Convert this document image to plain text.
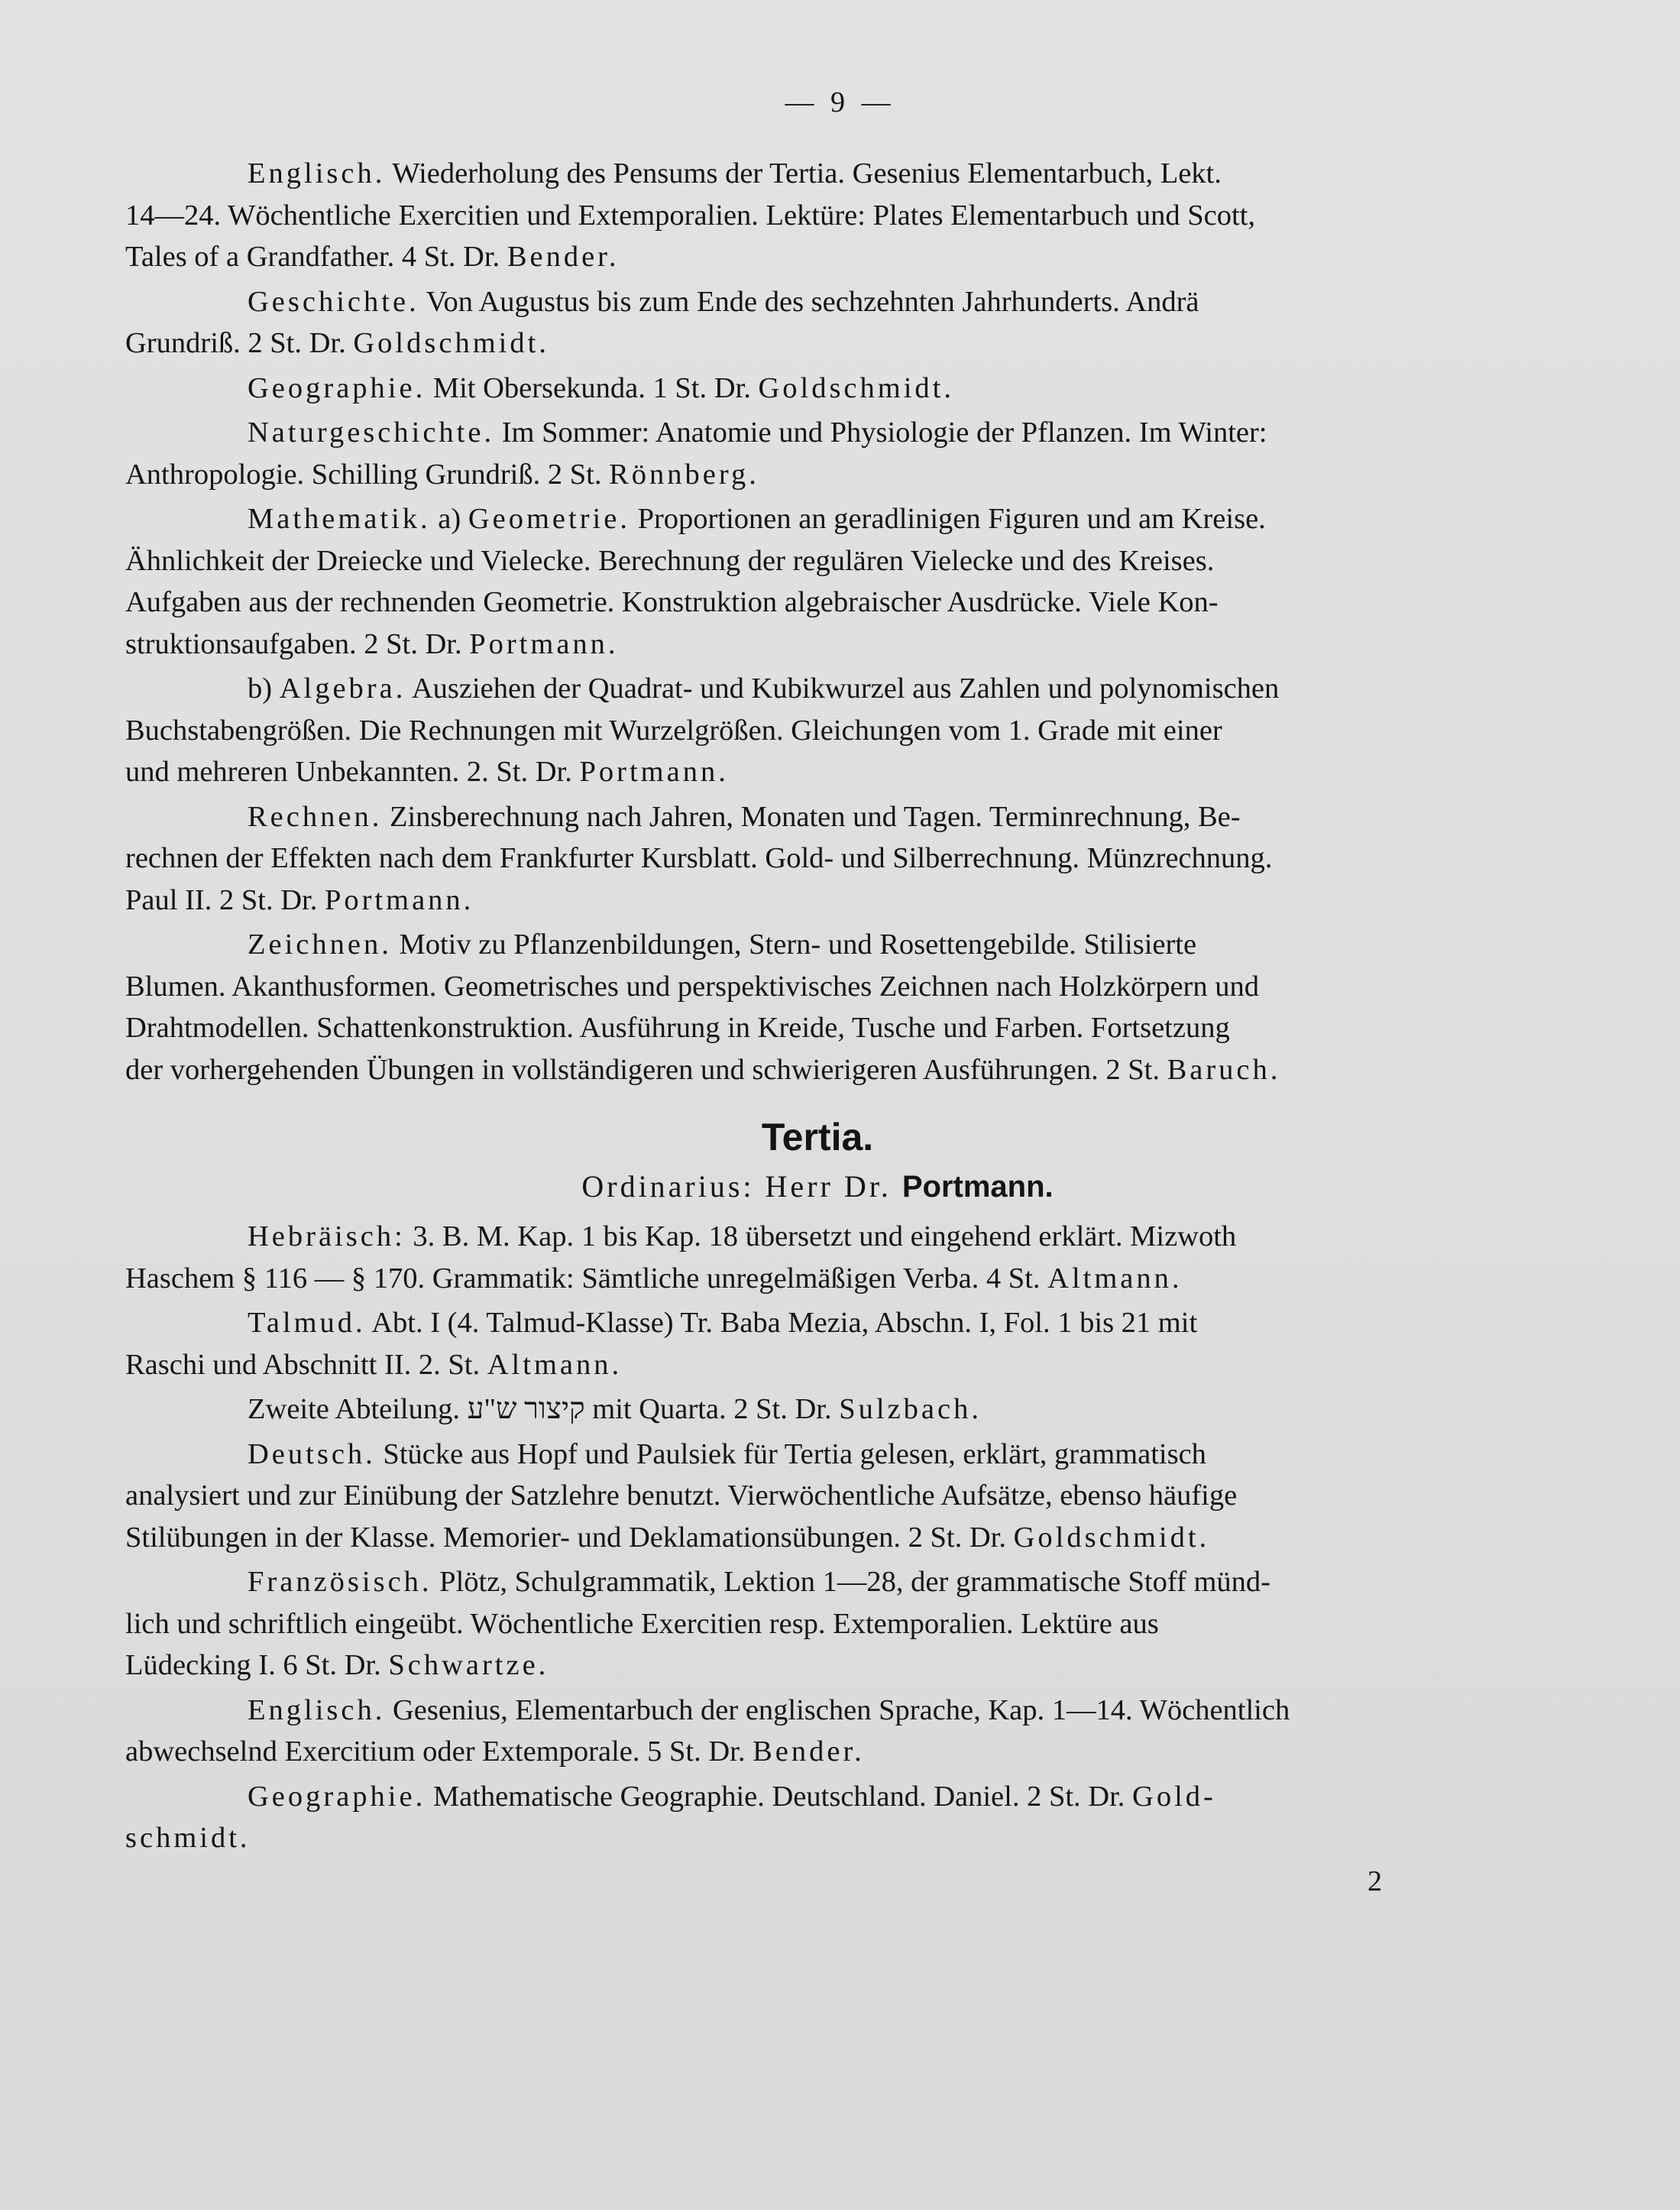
— 9 —

Englisch. Wiederholung des Pensums der Tertia. Gesenius Elementarbuch, Lekt.
14—24. Wöchentliche Exercitien und Extemporalien. Lektüre: Plates Elementarbuch und Scott,
Tales of a Grandfather. 4 St. Dr. Bender.

Geschichte. Von Augustus bis zum Ende des sechzehnten Jahrhunderts. Andrä
Grundriß. 2 St. Dr. Goldschmidt.

Geographie. Mit Obersekunda. 1 St. Dr. Goldschmidt.

Naturgeschichte. Im Sommer: Anatomie und Physiologie der Pflanzen. Im Winter:
Anthropologie. Schilling Grundriß. 2 St. Rönnberg.

Mathematik. a) Geometrie. Proportionen an geradlinigen Figuren und am Kreise.
Ähnlichkeit der Dreiecke und Vielecke. Berechnung der regulären Vielecke und des Kreises.
Aufgaben aus der rechnenden Geometrie. Konstruktion algebraischer Ausdrücke. Viele Kon-
struktionsaufgaben. 2 St. Dr. Portmann.

b) Algebra. Ausziehen der Quadrat- und Kubikwurzel aus Zahlen und polynomischen
Buchstabengrößen. Die Rechnungen mit Wurzelgrößen. Gleichungen vom 1. Grade mit einer
und mehreren Unbekannten. 2. St. Dr. Portmann.

Rechnen. Zinsberechnung nach Jahren, Monaten und Tagen. Terminrechnung, Be-
rechnen der Effekten nach dem Frankfurter Kursblatt. Gold- und Silberrechnung. Münzrechnung.
Paul II. 2 St. Dr. Portmann.

Zeichnen. Motiv zu Pflanzenbildungen, Stern- und Rosettengebilde. Stilisierte
Blumen. Akanthusformen. Geometrisches und perspektivisches Zeichnen nach Holzkörpern und
Drahtmodellen. Schattenkonstruktion. Ausführung in Kreide, Tusche und Farben. Fortsetzung
der vorhergehenden Übungen in vollständigeren und schwierigeren Ausführungen. 2 St. Baruch.

Tertia.
Ordinarius: Herr Dr. Portmann.

Hebräisch: 3. B. M. Kap. 1 bis Kap. 18 übersetzt und eingehend erklärt. Mizwoth
Haschem § 116 — § 170. Grammatik: Sämtliche unregelmäßigen Verba. 4 St. Altmann.

Talmud. Abt. I (4. Talmud-Klasse) Tr. Baba Mezia, Abschn. I, Fol. 1 bis 21 mit
Raschi und Abschnitt II. 2. St. Altmann.

Zweite Abteilung. קיצור ש"ע mit Quarta. 2 St. Dr. Sulzbach.

Deutsch. Stücke aus Hopf und Paulsiek für Tertia gelesen, erklärt, grammatisch
analysiert und zur Einübung der Satzlehre benutzt. Vierwöchentliche Aufsätze, ebenso häufige
Stilübungen in der Klasse. Memorier- und Deklamationsübungen. 2 St. Dr. Goldschmidt.

Französisch. Plötz, Schulgrammatik, Lektion 1—28, der grammatische Stoff münd-
lich und schriftlich eingeübt. Wöchentliche Exercitien resp. Extemporalien. Lektüre aus
Lüdecking I. 6 St. Dr. Schwartze.

Englisch. Gesenius, Elementarbuch der englischen Sprache, Kap. 1—14. Wöchentlich
abwechselnd Exercitium oder Extemporale. 5 St. Dr. Bender.

Geographie. Mathematische Geographie. Deutschland. Daniel. 2 St. Dr. Gold-
schmidt.

2
